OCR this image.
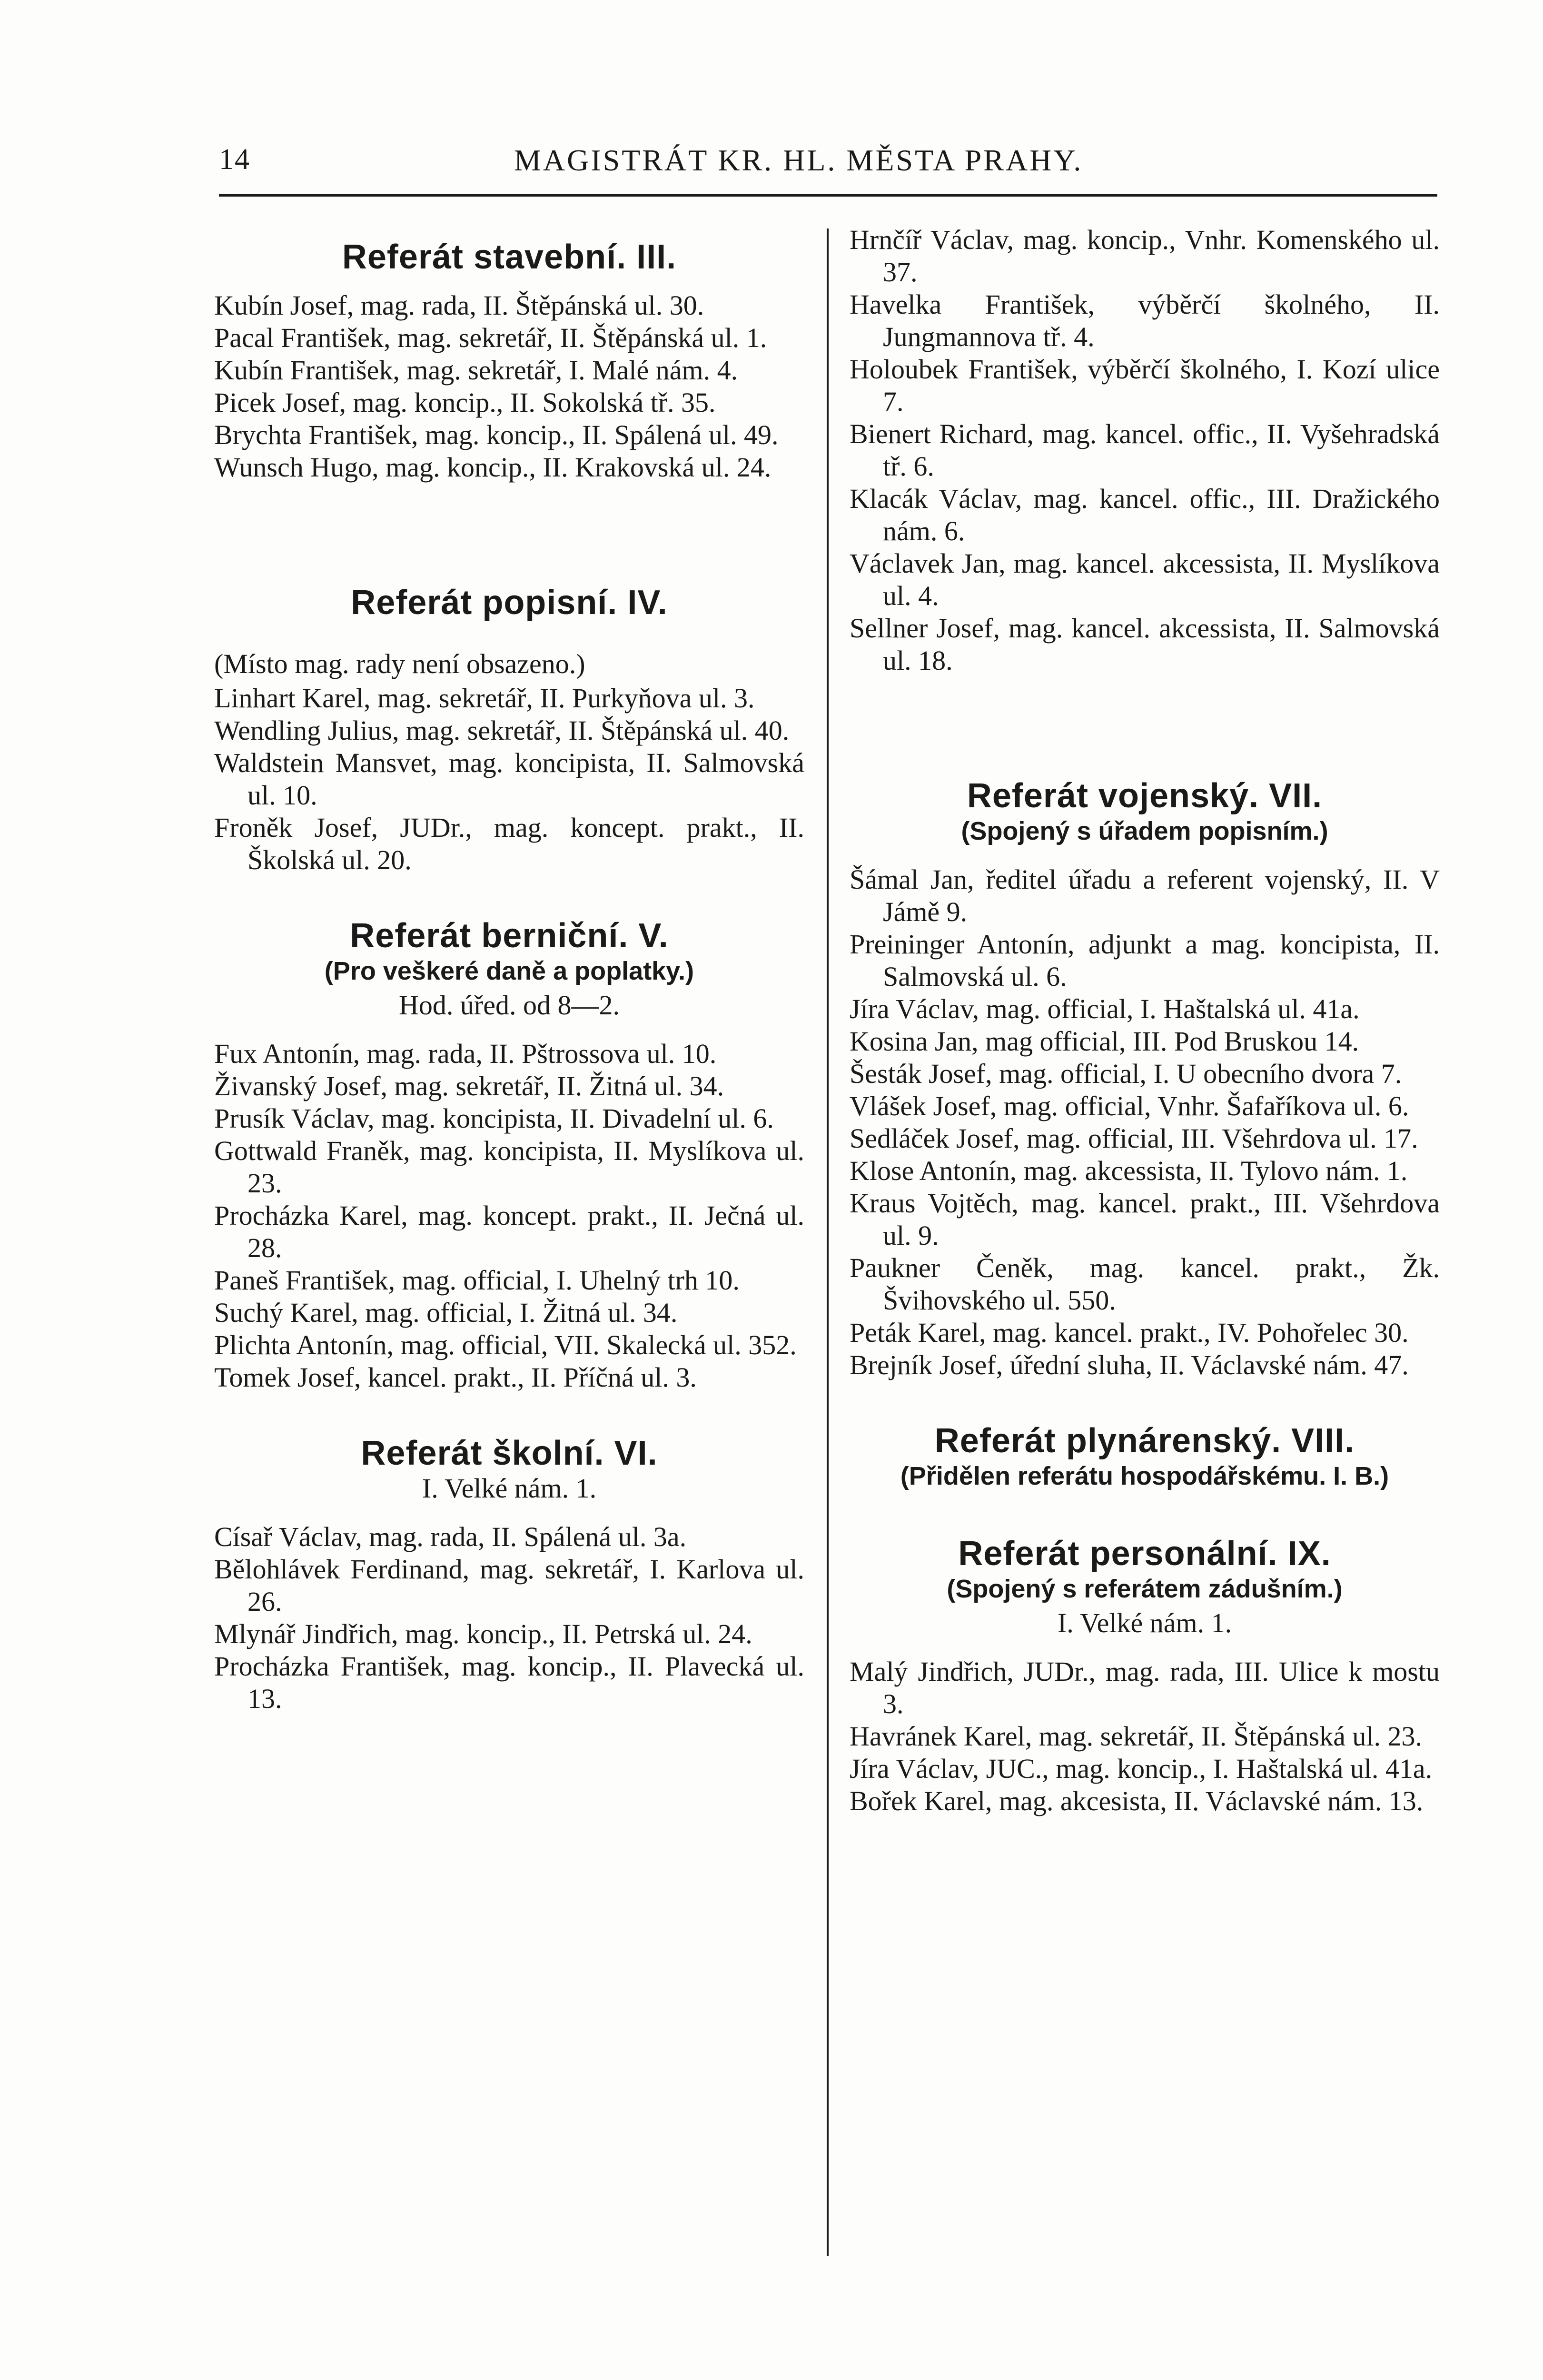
14	MAGISTRÁT KR. HL. MĚSTA PRAHY.
Referát stavební. III.

Kubín Josef, mag. rada, II. Štěpánská ul. 30.

Pacal František, mag. sekretář, II. Štěpánská ul. 1.

Kubín František, mag. sekretář, I. Malé nám. 4.

Picek Josef, mag. koncip., II. Sokolská tř. 35.

Brychta František, mag. koncip., II. Spálená ul. 49.

Wunsch Hugo, mag. koncip., II. Krakovská ul. 24.

Referát popisní. IV.

(Místo mag. rady není obsazeno.)

Linhart Karel, mag. sekretář, II. Purkyňova ul. 3.

Wendling Julius, mag. sekretář, II. Štěpánská ul. 40.

Waldstein Mansvet, mag. koncipista, II. Salmovská ul. 10.

Froněk Josef, JUDr., mag. koncept. prakt., II. Školská ul. 20.

Referát berniční. V.

(Pro veškeré daně a poplatky.)

Hod. úřed. od 8—2.

Fux Antonín, mag. rada, II. Pštrossova ul. 10.

Živanský Josef, mag. sekretář, II. Žitná ul. 34.

Prusík Václav, mag. koncipista, II. Divadelní ul. 6.

Gottwald Franěk, mag. koncipista, II. Myslíkova ul. 23.

Procházka Karel, mag. koncept. prakt., II. Ječná ul. 28.

Paneš František, mag. official, I. Uhelný trh 10.

Suchý Karel, mag. official, I. Žitná ul. 34.

Plichta Antonín, mag. official, VII. Skalecká ul. 352.

Tomek Josef, kancel. prakt., II. Příčná ul. 3.

Referát školní. VI.

I. Velké nám. 1.

Císař Václav, mag. rada, II. Spálená ul. 3a.

Bělohlávek Ferdinand, mag. sekretář, I. Karlova ul. 26.

Mlynář Jindřich, mag. koncip., II. Petrská ul. 24.

Procházka František, mag. koncip., II. Plavecká ul. 13.

Hrnčíř Václav, mag. koncip., Vnhr. Komenského ul. 37.

Havelka František, výběrčí školného, II. Jungmannova tř. 4.

Holoubek František, výběrčí školného, I. Kozí ulice 7.

Bienert Richard, mag. kancel. offic., II. Vyšehradská tř. 6.

Klacák Václav, mag. kancel. offic., III. Dražického nám. 6.

Václavek Jan, mag. kancel. akcessista, II. Myslíkova ul. 4.

Sellner Josef, mag. kancel. akcessista, II. Salmovská ul. 18.

Referát vojenský. VII.

(Spojený s úřadem popisním.)

Šámal Jan, ředitel úřadu a referent vojenský, II. V Jámě 9.

Preininger Antonín, adjunkt a mag. koncipista, II. Salmovská ul. 6.

Jíra Václav, mag. official, I. Haštalská ul. 41a.

Kosina Jan, mag official, III. Pod Bruskou 14.

Šesták Josef, mag. official, I. U obecního dvora 7.

Vlášek Josef, mag. official, Vnhr. Šafaříkova ul. 6.

Sedláček Josef, mag. official, III. Všehrdova ul. 17.

Klose Antonín, mag. akcessista, II. Tylovo nám. 1.

Kraus Vojtěch, mag. kancel. prakt., III. Všehrdova ul. 9.

Paukner Čeněk, mag. kancel. prakt., Žk. Švihovského ul. 550.

Peták Karel, mag. kancel. prakt., IV. Pohořelec 30.

Brejník Josef, úřední sluha, II. Václavské nám. 47.

Referát plynárenský. VIII.

(Přidělen referátu hospodářskému. I. B.)

Referát personální. IX.

(Spojený s referátem zádušním.)

I. Velké nám. 1.

Malý Jindřich, JUDr., mag. rada, III. Ulice k mostu 3.

Havránek Karel, mag. sekretář, II. Štěpánská ul. 23.

Jíra Václav, JUC., mag. koncip., I. Haštalská ul. 41a.

Bořek Karel, mag. akcesista, II. Václavské nám. 13.
